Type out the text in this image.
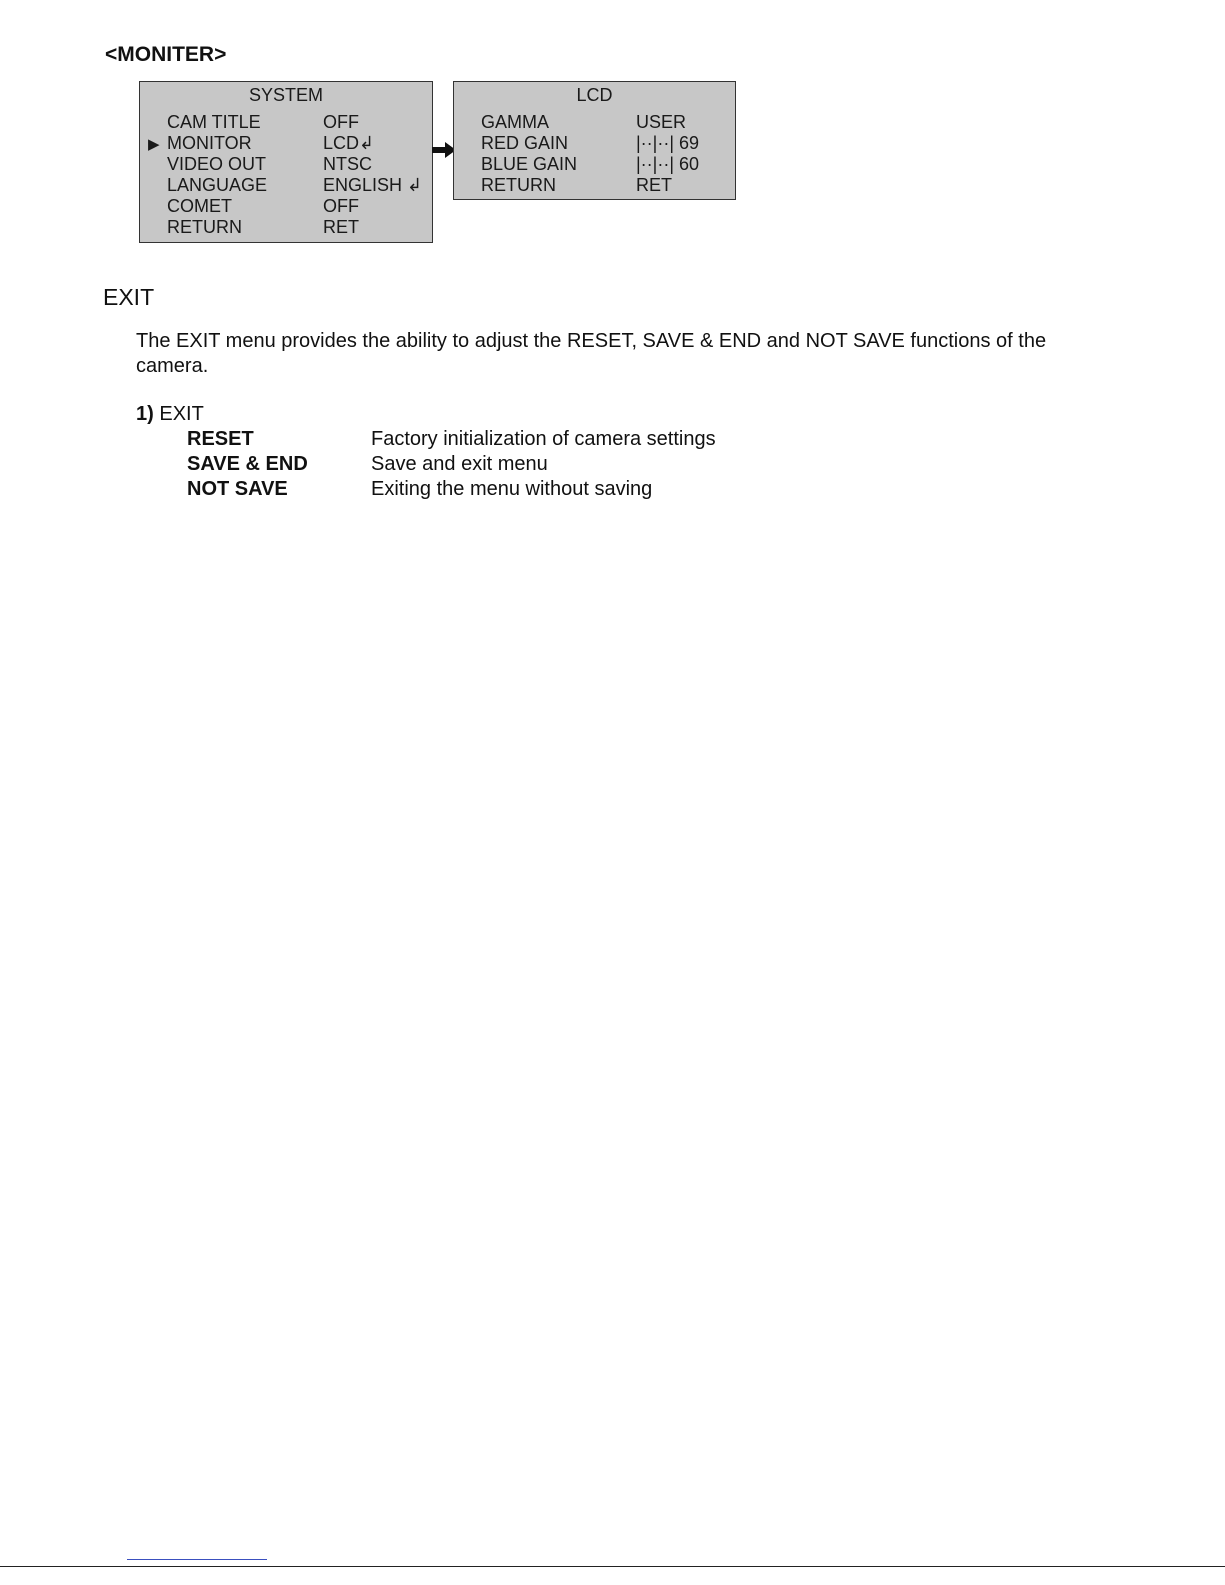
<MONITER>
SYSTEM
CAM TITLE	OFF
▶ MONITOR	LCD↲
VIDEO OUT	NTSC
LANGUAGE	ENGLISH ↲
COMET	OFF
RETURN	RET
LCD
GAMMA	USER
RED GAIN	|··|··| 69
BLUE GAIN	|··|··| 60
RETURN	RET
EXIT
The EXIT menu provides the ability to adjust the RESET, SAVE & END and NOT SAVE functions of the camera.
1) EXIT
RESET	Factory initialization of camera settings
SAVE & END	Save and exit menu
NOT SAVE	Exiting the menu without saving
